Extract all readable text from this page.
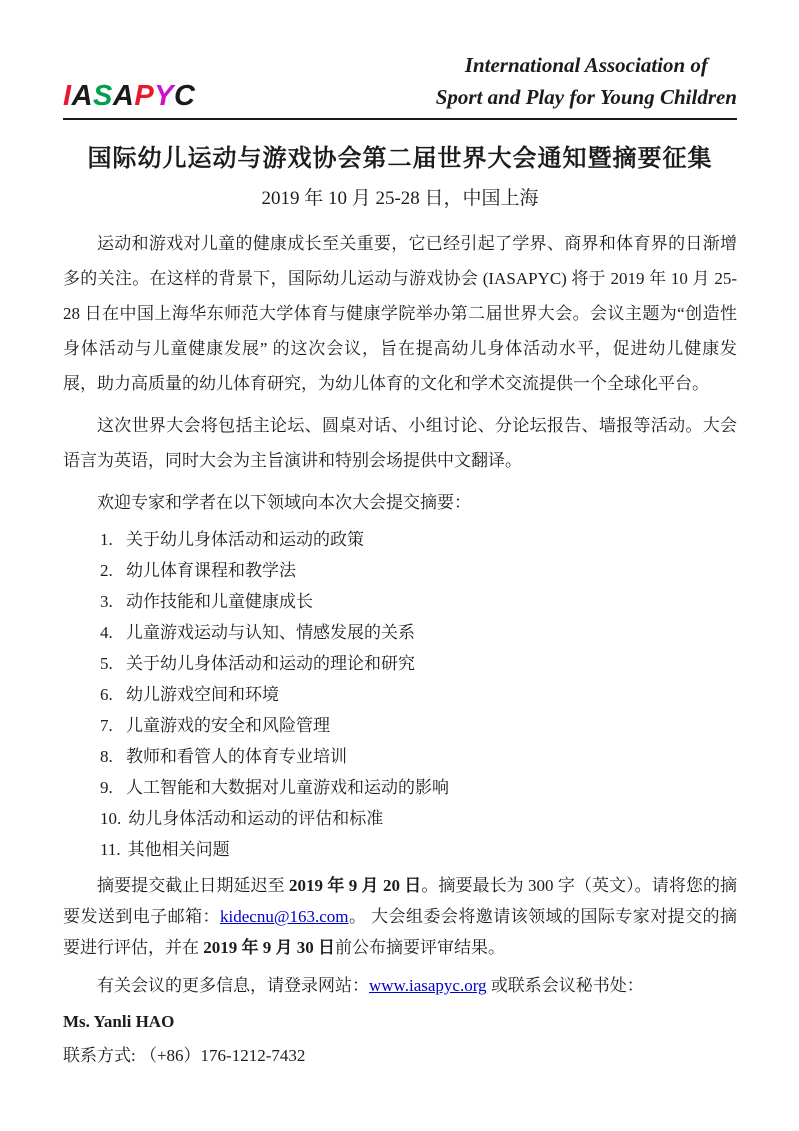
IASAPYC
International Association of
Sport and Play for Young Children
国际幼儿运动与游戏协会第二届世界大会通知暨摘要征集
2019 年 10 月 25-28 日，中国上海

运动和游戏对儿童的健康成长至关重要，它已经引起了学界、商界和体育界的日渐增多的关注。在这样的背景下，国际幼儿运动与游戏协会 (IASAPYC) 将于 2019 年 10 月 25-28 日在中国上海华东师范大学体育与健康学院举办第二届世界大会。会议主题为“创造性身体活动与儿童健康发展” 的这次会议，旨在提高幼儿身体活动水平，促进幼儿健康发展，助力高质量的幼儿体育研究，为幼儿体育的文化和学术交流提供一个全球化平台。

这次世界大会将包括主论坛、圆桌对话、小组讨论、分论坛报告、墙报等活动。大会语言为英语，同时大会为主旨演讲和特别会场提供中文翻译。

欢迎专家和学者在以下领域向本次大会提交摘要：

1. 关于幼儿身体活动和运动的政策
2. 幼儿体育课程和教学法
3. 动作技能和儿童健康成长
4. 儿童游戏运动与认知、情感发展的关系
5. 关于幼儿身体活动和运动的理论和研究
6. 幼儿游戏空间和环境
7. 儿童游戏的安全和风险管理
8. 教师和看管人的体育专业培训
9. 人工智能和大数据对儿童游戏和运动的影响
10. 幼儿身体活动和运动的评估和标准
11. 其他相关问题

摘要提交截止日期延迟至 2019 年 9 月 20 日。摘要最长为 300 字（英文）。请将您的摘要发送到电子邮箱：kidecnu@163.com。 大会组委会将邀请该领域的国际专家对提交的摘要进行评估，并在 2019 年 9 月 30 日前公布摘要评审结果。

有关会议的更多信息，请登录网站：www.iasapyc.org 或联系会议秘书处：

Ms. Yanli HAO

联系方式: （+86）176-1212-7432
